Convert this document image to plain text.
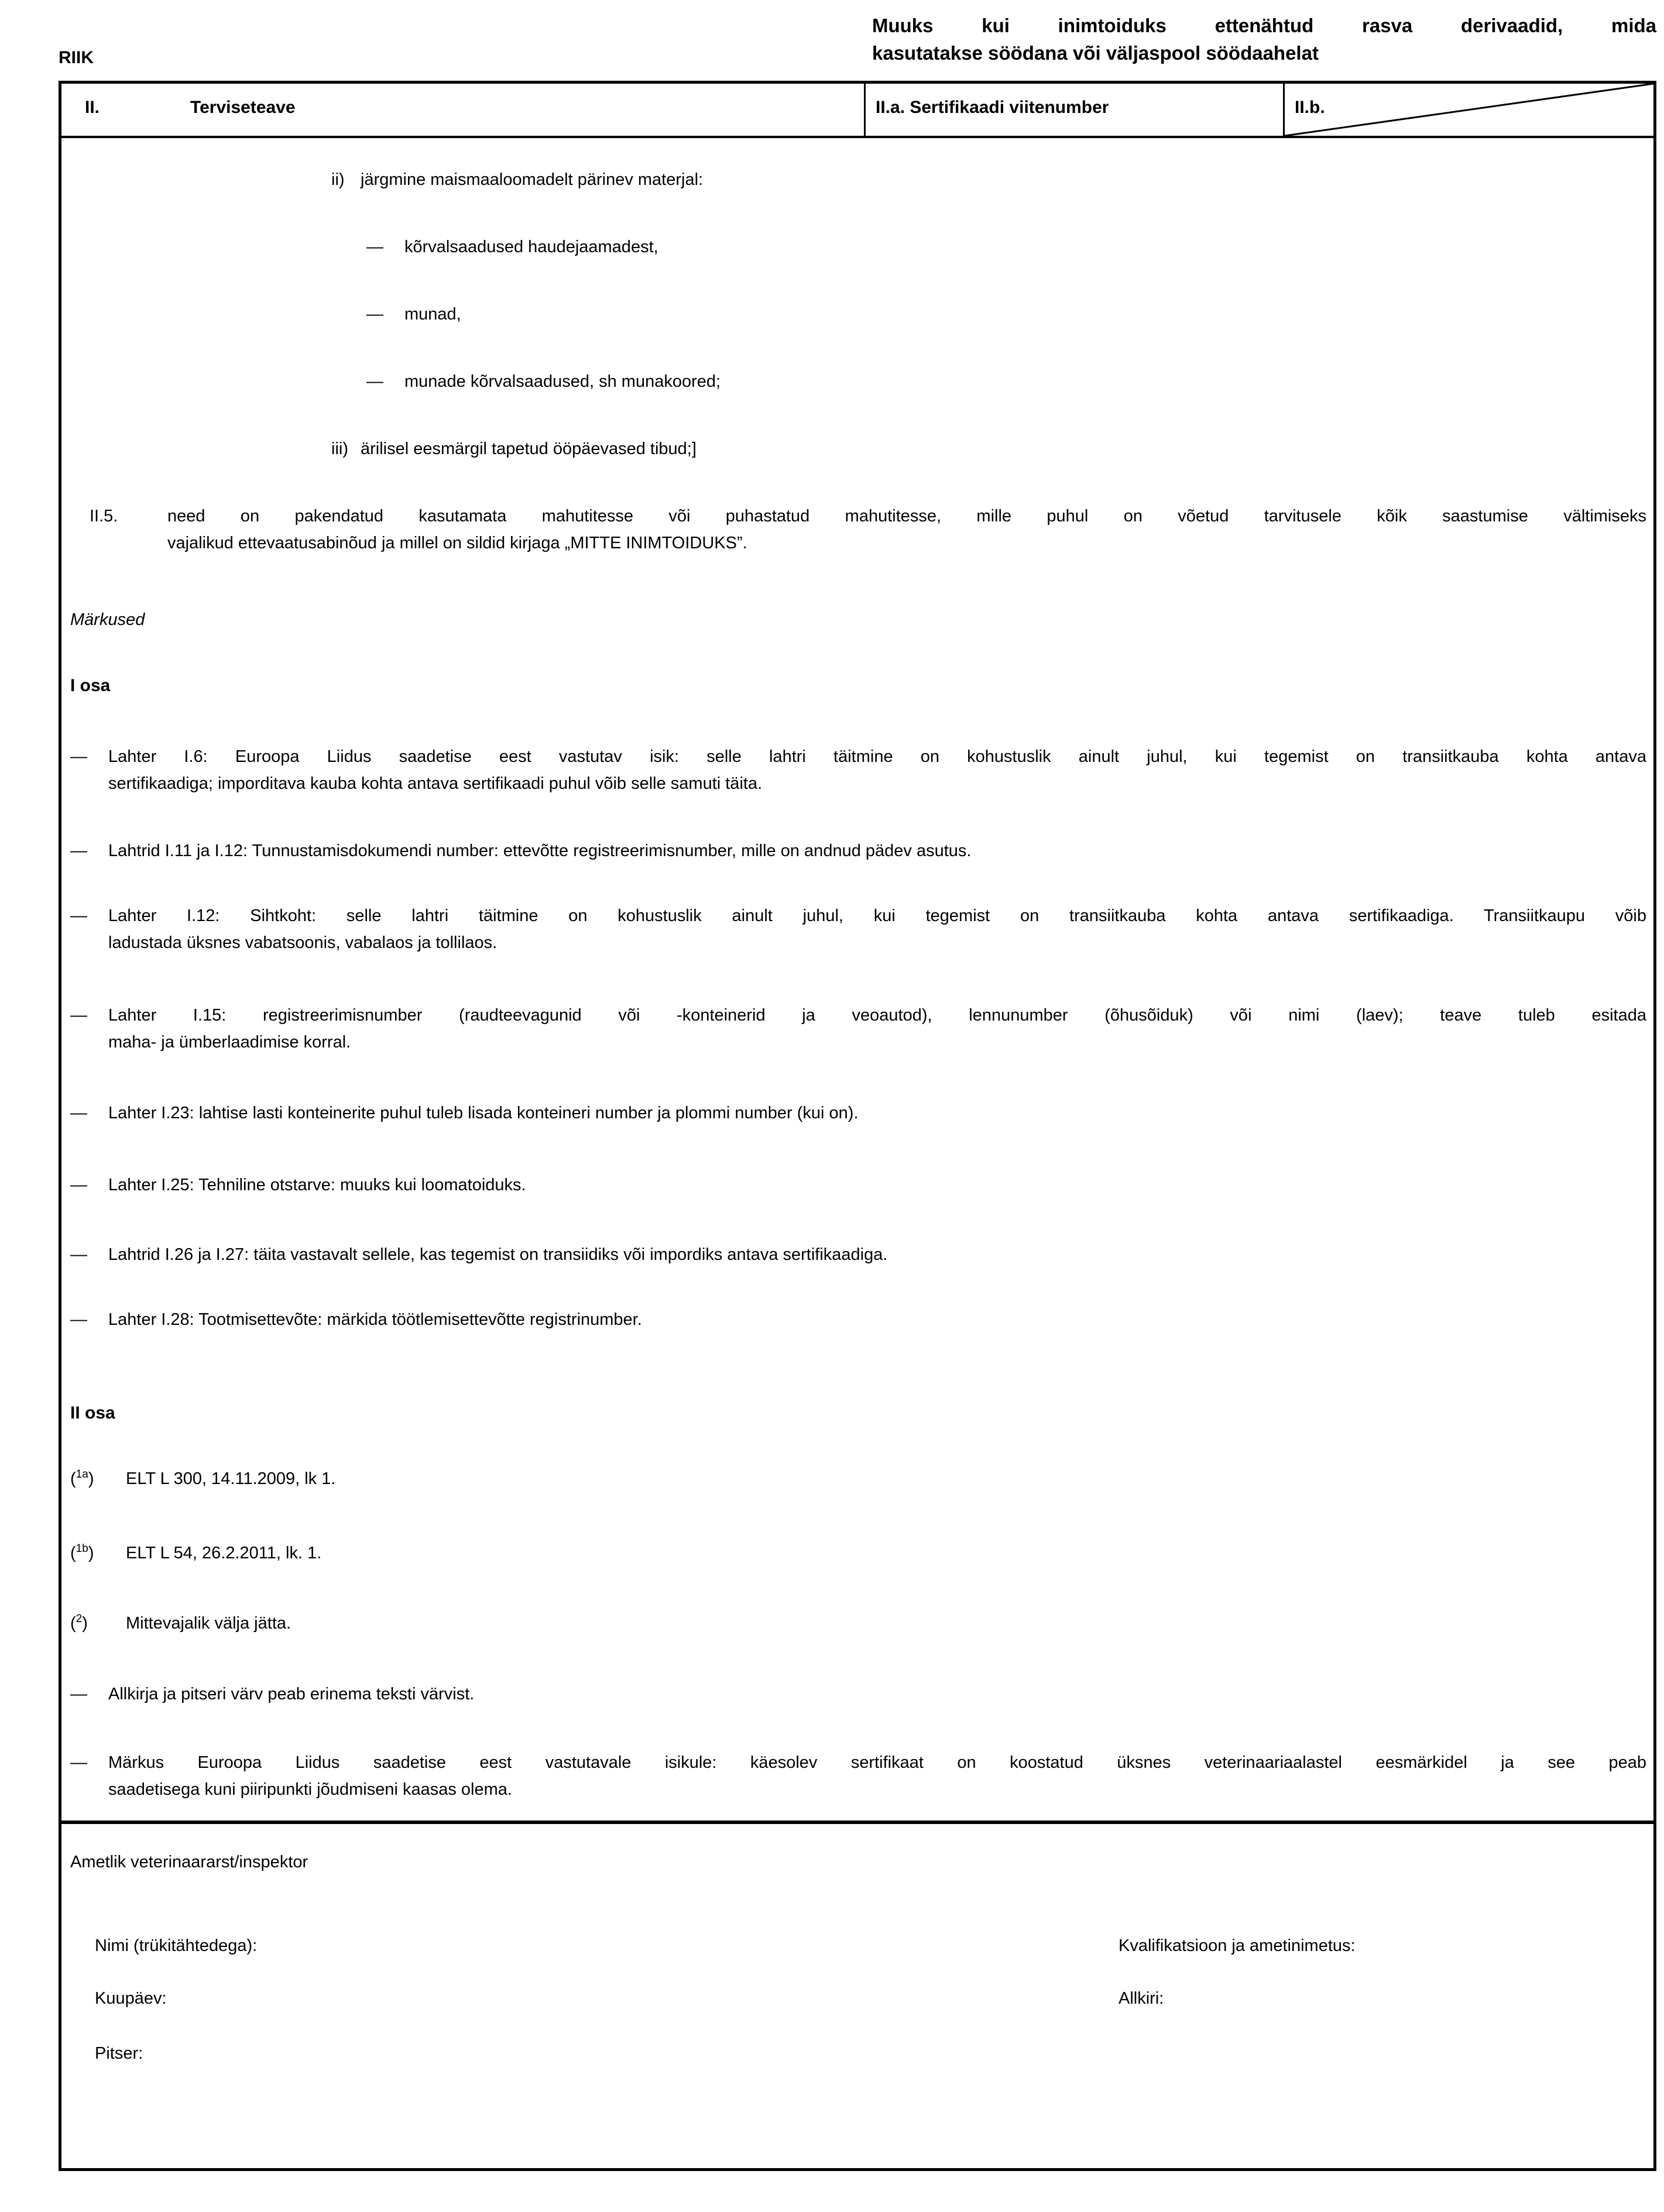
RIIK
Muuks kui inimtoiduks ettenähtud rasva derivaadid, mida
kasutatakse söödana või väljaspool söödaahelat
II.	Terviseteave	II.a. Sertifikaadi viitenumber	II.b.
ii) järgmine maismaaloomadelt pärinev materjal:
— kõrvalsaadused haudejaamadest,
— munad,
— munade kõrvalsaadused, sh munakoored;
iii) ärilisel eesmärgil tapetud ööpäevased tibud;]
II.5.	need on pakendatud kasutamata mahutitesse või puhastatud mahutitesse, mille puhul on võetud tarvitusele kõik saastumise vältimiseks
vajalikud ettevaatusabinõud ja millel on sildid kirjaga „MITTE INIMTOIDUKS”.
Märkused
I osa
— Lahter I.6: Euroopa Liidus saadetise eest vastutav isik: selle lahtri täitmine on kohustuslik ainult juhul, kui tegemist on transiitkauba kohta antava
sertifikaadiga; imporditava kauba kohta antava sertifikaadi puhul võib selle samuti täita.
— Lahtrid I.11 ja I.12: Tunnustamisdokumendi number: ettevõtte registreerimisnumber, mille on andnud pädev asutus.
— Lahter I.12: Sihtkoht: selle lahtri täitmine on kohustuslik ainult juhul, kui tegemist on transiitkauba kohta antava sertifikaadiga. Transiitkaupu võib
ladustada üksnes vabatsoonis, vabalaos ja tollilaos.
— Lahter I.15: registreerimisnumber (raudteevagunid või -konteinerid ja veoautod), lennunumber (õhusõiduk) või nimi (laev); teave tuleb esitada
maha- ja ümberlaadimise korral.
— Lahter I.23: lahtise lasti konteinerite puhul tuleb lisada konteineri number ja plommi number (kui on).
— Lahter I.25: Tehniline otstarve: muuks kui loomatoiduks.
— Lahtrid I.26 ja I.27: täita vastavalt sellele, kas tegemist on transiidiks või impordiks antava sertifikaadiga.
— Lahter I.28: Tootmisettevõte: märkida töötlemisettevõtte registrinumber.
II osa
($^{1a}$) ELT L 300, 14.11.2009, lk 1.
($^{1b}$) ELT L 54, 26.2.2011, lk. 1.
($^2$) Mittevajalik välja jätta.
— Allkirja ja pitseri värv peab erinema teksti värvist.
— Märkus Euroopa Liidus saadetise eest vastutavale isikule: käesolev sertifikaat on koostatud üksnes veterinaariaalastel eesmärkidel ja see peab
saadetisega kuni piiripunkti jõudmiseni kaasas olema.
Ametlik veterinaararst/inspektor
Nimi (trükitähtedega):	Kvalifikatsioon ja ametinimetus:
Kuupäev:	Allkiri:
Pitser:
